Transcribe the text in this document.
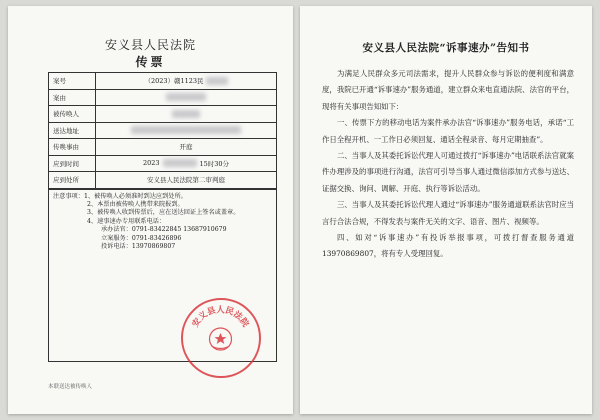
安义县人民法院
传票
案号	（2023）赣1123民
案由
被传唤人
送达地址
传唤事由	开庭
应到时间	2023	15时30分
应到处所	安义县人民法院第二审判庭
注意事项： 1、被传唤人必须准时到达应到处所。
2、本票由被传唤人携带来院报到。
3、被传唤人收到传票后，应在送达回证上签名或盖章。
4、速事速办专用联系电话：
承办法官：0791-83422845 13687910679
立案服务：0791-83426896
投诉电话：13970869807
安义县人民法院
本联送达被传唤人
安义县人民法院“诉事速办”告知书

为满足人民群众多元司法需求，提升人民群众参与诉讼的便利度和满意度，我院已开通“诉事速办”服务通道，建立群众来电直通法院、法官的平台，现将有关事项告知如下：

一、传票下方的移动电话为案件承办法官“诉事速办”服务电话，承诺“工作日全程开机、一工作日必须回复、通话全程录音、每月定期抽查”。

二、当事人及其委托诉讼代理人可通过拨打“诉事速办”电话联系法官就案件办理涉及的事项进行沟通，法官可引导当事人通过微信添加方式参与送达、证据交换、询问、调解、开庭、执行等诉讼活动。

三、当事人及其委托诉讼代理人通过“诉事速办”服务通道联系法官时应当言行合法合规，不得发表与案件无关的文字、语音、图片、视频等。

四、如对“诉事速办”有投诉举报事项，可拨打督查服务通道 13970869807，将有专人受理回复。
